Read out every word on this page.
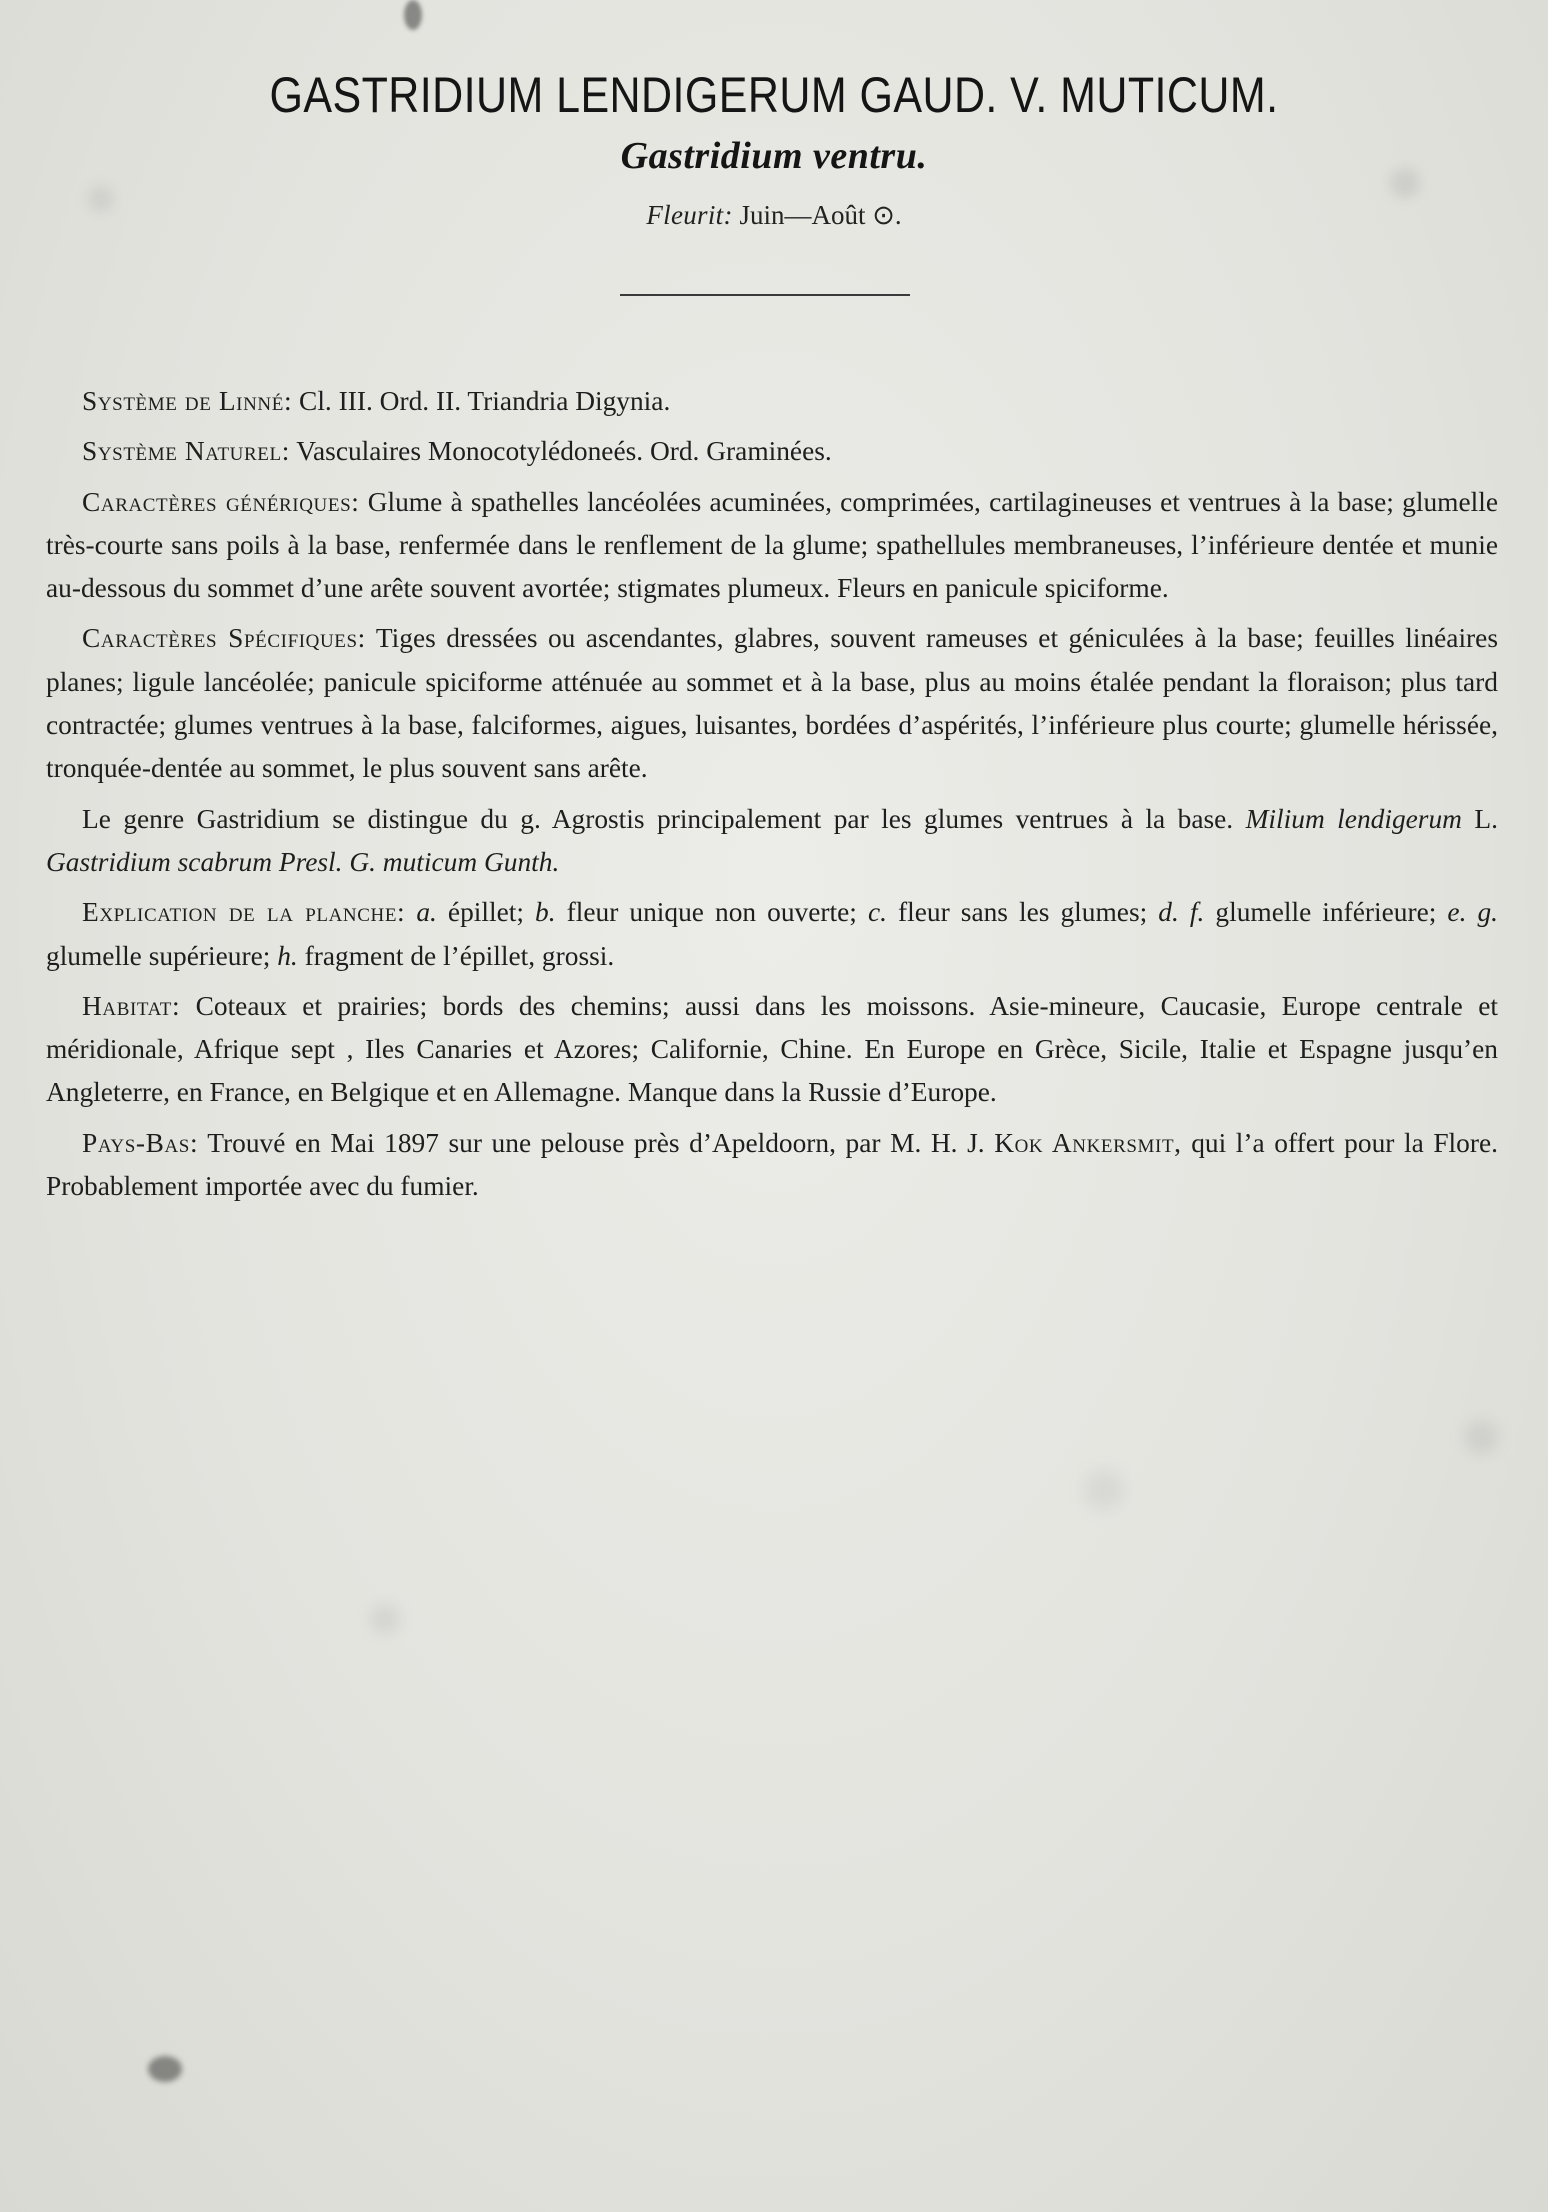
GASTRIDIUM LENDIGERUM GAUD. V. MUTICUM.
Gastridium ventru.
Fleurit: Juin—Août ⊙.

Système de Linné: Cl. III. Ord. II. Triandria Digynia.

Système Naturel: Vasculaires Monocotylédoneés. Ord. Graminées.

Caractères génériques: Glume à spathelles lancéolées acuminées, comprimées, cartilagineuses et ventrues à la base; glumelle très-courte sans poils à la base, renfermée dans le renflement de la glume; spathellules membraneuses, l’inférieure dentée et munie au-dessous du sommet d’une arête souvent avortée; stigmates plumeux. Fleurs en panicule spiciforme.

Caractères Spécifiques: Tiges dressées ou ascendantes, glabres, souvent rameuses et géniculées à la base; feuilles linéaires planes; ligule lancéolée; panicule spiciforme atténuée au sommet et à la base, plus au moins étalée pendant la floraison; plus tard contractée; glumes ventrues à la base, falciformes, aigues, luisantes, bordées d’aspérités, l’inférieure plus courte; glumelle hérissée, tronquée-dentée au sommet, le plus souvent sans arête.

Le genre Gastridium se distingue du g. Agrostis principalement par les glumes ventrues à la base. Milium lendigerum L. Gastridium scabrum Presl. G. muticum Gunth.

Explication de la planche: a. épillet; b. fleur unique non ouverte; c. fleur sans les glumes; d. f. glumelle inférieure; e. g. glumelle supérieure; h. fragment de l’épillet, grossi.

Habitat: Coteaux et prairies; bords des chemins; aussi dans les moissons. Asie-mineure, Caucasie, Europe centrale et méridionale, Afrique sept , Iles Canaries et Azores; Californie, Chine. En Europe en Grèce, Sicile, Italie et Espagne jusqu’en Angleterre, en France, en Belgique et en Allemagne. Manque dans la Russie d’Europe.

Pays-Bas: Trouvé en Mai 1897 sur une pelouse près d’Apeldoorn, par M. H. J. Kok Ankersmit, qui l’a offert pour la Flore. Probablement importée avec du fumier.
